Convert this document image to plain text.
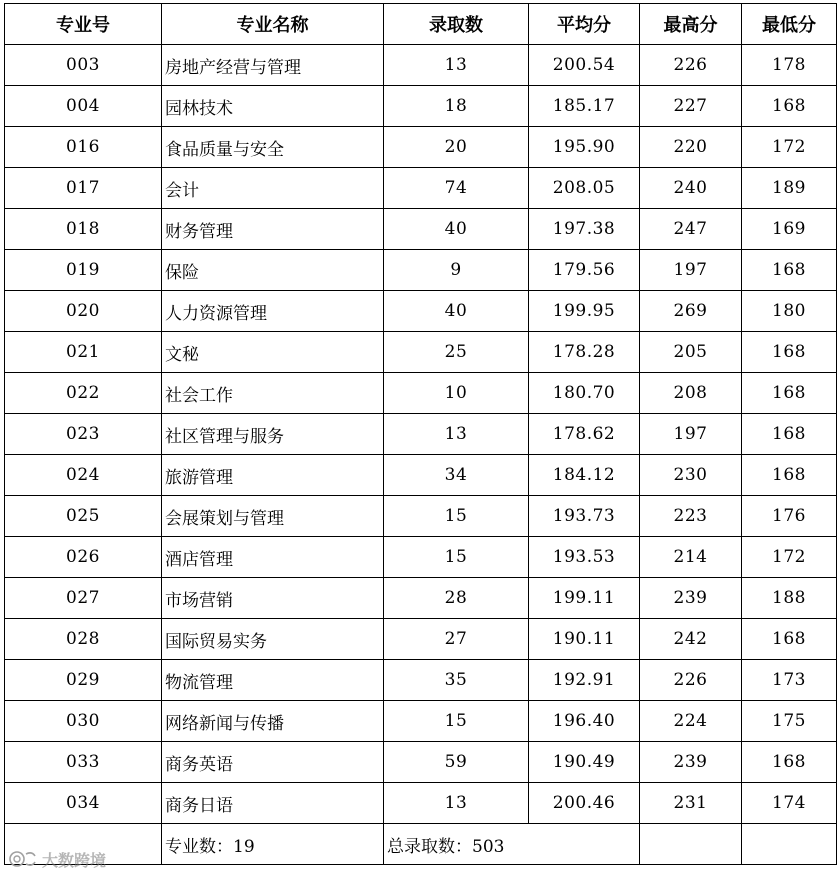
专业号	专业名称	录取数	平均分	最高分	最低分
003	房地产经营与管理	13	200.54	226	178
004	园林技术	18	185.17	227	168
016	食品质量与安全	20	195.90	220	172
017	会计	74	208.05	240	189
018	财务管理	40	197.38	247	169
019	保险	9	179.56	197	168
020	人力资源管理	40	199.95	269	180
021	文秘	25	178.28	205	168
022	社会工作	10	180.70	208	168
023	社区管理与服务	13	178.62	197	168
024	旅游管理	34	184.12	230	168
025	会展策划与管理	15	193.73	223	176
026	酒店管理	15	193.53	214	172
027	市场营销	28	199.11	239	188
028	国际贸易实务	27	190.11	242	168
029	物流管理	35	192.91	226	173
030	网络新闻与传播	15	196.40	224	175
033	商务英语	59	190.49	239	168
034	商务日语	13	200.46	231	174
	专业数：19	总录取数：503			
大数跨境
